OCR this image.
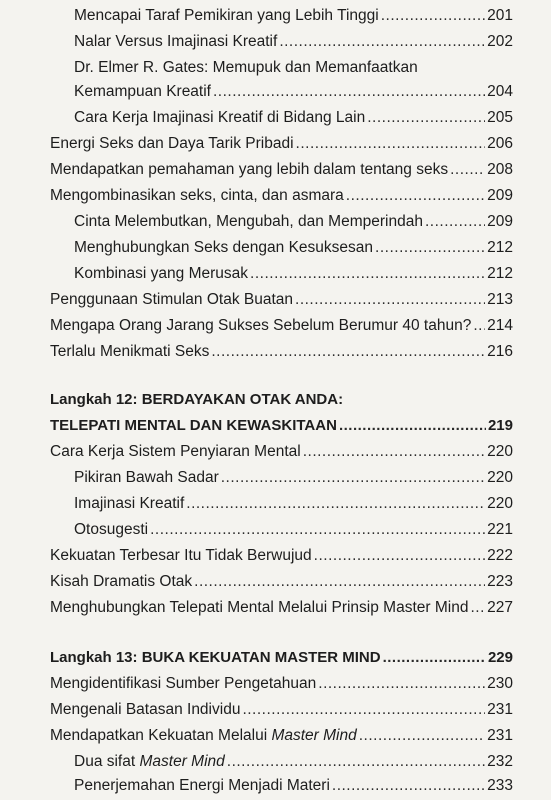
Mencapai Taraf Pemikiran yang Lebih Tinggi .....	201
Nalar Versus Imajinasi Kreatif .....	202
Dr. Elmer R. Gates: Memupuk dan Memanfaatkan
Kemampuan Kreatif .....	204
Cara Kerja Imajinasi Kreatif di Bidang Lain .....	205
Energi Seks dan Daya Tarik Pribadi .....	206
Mendapatkan pemahaman yang lebih dalam tentang seks .....	208
Mengombinasikan seks, cinta, dan asmara .....	209
Cinta Melembutkan, Mengubah, dan Memperindah .....	209
Menghubungkan Seks dengan Kesuksesan .....	212
Kombinasi yang Merusak .....	212
Penggunaan Stimulan Otak Buatan .....	213
Mengapa Orang Jarang Sukses Sebelum Berumur 40 tahun? ..... 214
Terlalu Menikmati Seks .....	216
Langkah 12: BERDAYAKAN OTAK ANDA:
TELEPATI MENTAL DAN KEWASKITAAN .....	219
Cara Kerja Sistem Penyiaran Mental .....	220
Pikiran Bawah Sadar .....	220
Imajinasi Kreatif .....	220
Otosugesti .....	221
Kekuatan Terbesar Itu Tidak Berwujud .....	222
Kisah Dramatis Otak .....	223
Menghubungkan Telepati Mental Melalui Prinsip Master Mind ..... 227
Langkah 13: BUKA KEKUATAN MASTER MIND .....	229
Mengidentifikasi Sumber Pengetahuan .....	230
Mengenali Batasan Individu .....	231
Mendapatkan Kekuatan Melalui Master Mind .....	231
Dua sifat Master Mind .....	232
Penerjemahan Energi Menjadi Materi .....	233
